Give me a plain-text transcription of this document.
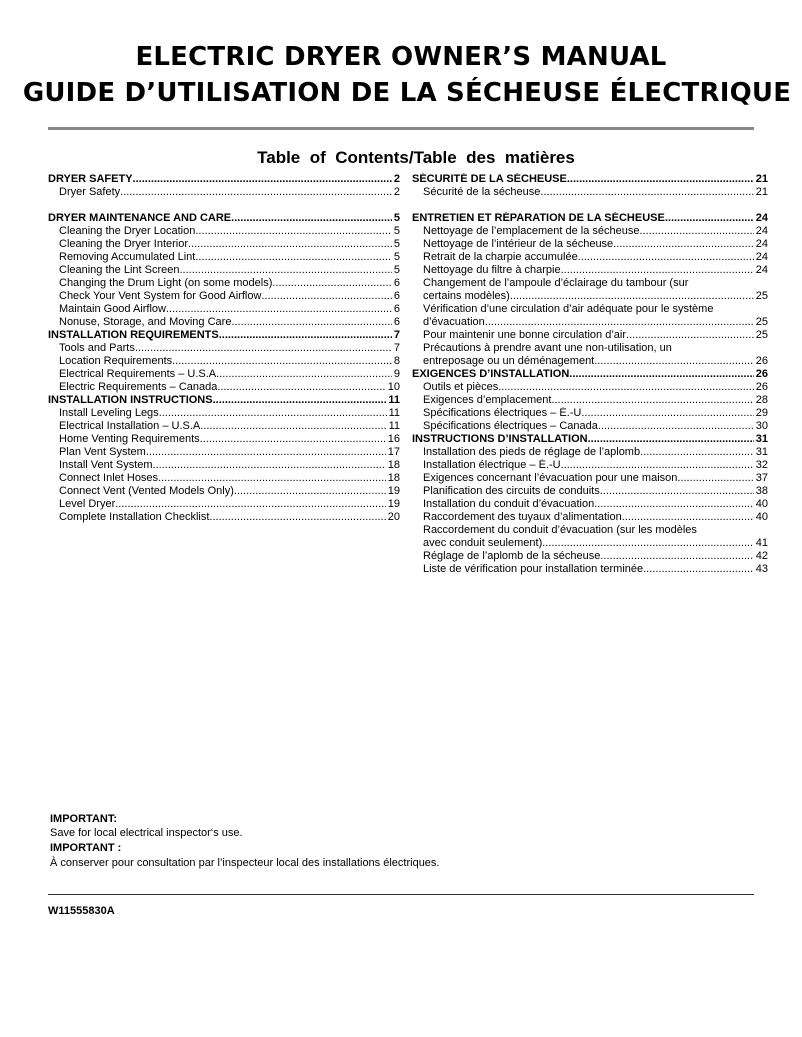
ELECTRIC DRYER OWNER’S MANUAL
GUIDE D’UTILISATION DE LA SÉCHEUSE ÉLECTRIQUE
Table  of  Contents/Table  des  matières
DRYER SAFETY .....	2
Dryer Safety .....	2
DRYER MAINTENANCE AND CARE .....	5
Cleaning the Dryer Location .....	5
Cleaning the Dryer Interior .....	5
Removing Accumulated Lint .....	5
Cleaning the Lint Screen .....	5
Changing the Drum Light (on some models) .....	6
Check Your Vent System for Good Airflow .....	6
Maintain Good Airflow .....	6
Nonuse, Storage, and Moving Care .....	6
INSTALLATION REQUIREMENTS .....	7
Tools and Parts .....	7
Location Requirements .....	8
Electrical Requirements – U.S.A. .....	9
Electric Requirements – Canada .....	10
INSTALLATION INSTRUCTIONS .....	11
Install Leveling Legs .....	11
Electrical Installation – U.S.A. .....	11
Home Venting Requirements .....	16
Plan Vent System .....	17
Install Vent System .....	18
Connect Inlet Hoses .....	18
Connect Vent (Vented Models Only) .....	19
Level Dryer .....	19
Complete Installation Checklist .....	20
SÉCURITÉ DE LA SÉCHEUSE .....	21
Sécurité de la sécheuse .....	21
ENTRETIEN ET RÉPARATION DE LA SÉCHEUSE .....	24
Nettoyage de l’emplacement de la sécheuse .....	24
Nettoyage de l’intérieur de la sécheuse .....	24
Retrait de la charpie accumulée .....	24
Nettoyage du filtre à charpie .....	24
Changement de l’ampoule d’éclairage du tambour (sur
certains modèles) .....	25
Vérification d’une circulation d’air adéquate pour le système
d’évacuation .....	25
Pour maintenir une bonne circulation d’air .....	25
Précautions à prendre avant une non-utilisation, un
entreposage ou un déménagement .....	26
EXIGENCES D’INSTALLATION .....	26
Outils et pièces .....	26
Exigences d’emplacement .....	28
Spécifications électriques – É.-U. .....	29
Spécifications électriques – Canada .....	30
INSTRUCTIONS D’INSTALLATION .....	31
Installation des pieds de réglage de l’aplomb .....	31
Installation électrique – É.-U. .....	32
Exigences concernant l’évacuation pour une maison .....	37
Planification des circuits de conduits .....	38
Installation du conduit d’évacuation .....	40
Raccordement des tuyaux d’alimentation .....	40
Raccordement du conduit d’évacuation (sur les modèles
avec conduit seulement) .....	41
Réglage de l’aplomb de la sécheuse .....	42
Liste de vérification pour installation terminée .....	43
IMPORTANT:
Save for local electrical inspector‘s use.
IMPORTANT :
À conserver pour consultation par l’inspecteur local des installations électriques.
W11555830A
